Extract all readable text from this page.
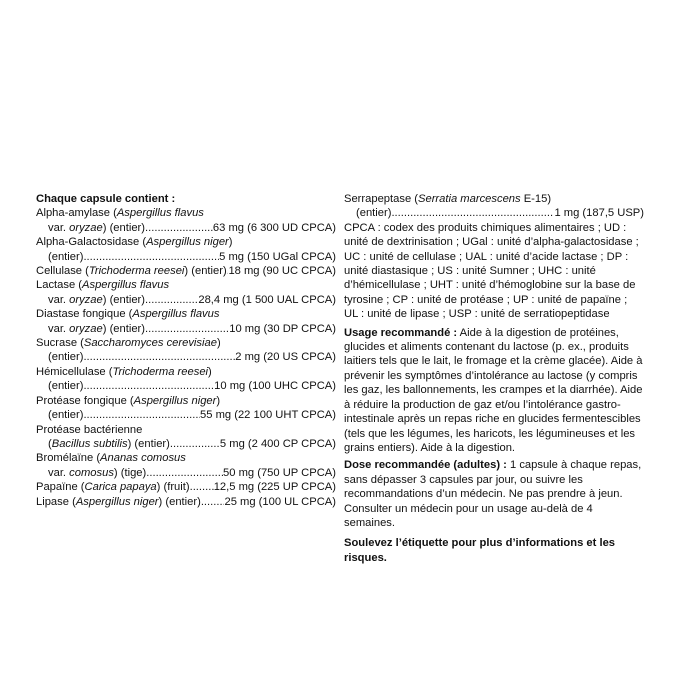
Chaque capsule contient :
Alpha-amylase (Aspergillus flavus
var. oryzae) (entier) .....	63 mg (6 300 UD CPCA)
Alpha-Galactosidase (Aspergillus niger)
(entier) .....	5 mg (150 UGal CPCA)
Cellulase (Trichoderma reesei) (entier) ..... 18 mg (90 UC CPCA)
Lactase (Aspergillus flavus
var. oryzae) (entier) .....	28,4 mg (1 500 UAL CPCA)
Diastase fongique (Aspergillus flavus
var. oryzae) (entier) .....	10 mg (30 DP CPCA)
Sucrase (Saccharomyces cerevisiae)
(entier) .....	2 mg (20 US CPCA)
Hémicellulase (Trichoderma reesei)
(entier) .....	10 mg (100 UHC CPCA)
Protéase fongique (Aspergillus niger)
(entier) .....	55 mg (22 100 UHT CPCA)
Protéase bactérienne
(Bacillus subtilis) (entier) .....	5 mg (2 400 CP CPCA)
Bromélaïne (Ananas comosus
var. comosus) (tige) .....	50 mg (750 UP CPCA)
Papaïne (Carica papaya) (fruit) ..... 12,5 mg (225 UP CPCA)
Lipase (Aspergillus niger) (entier) ..... 25 mg (100 UL CPCA)
Serrapeptase (Serratia marcescens E-15)
(entier) .....	1 mg (187,5 USP)

CPCA : codex des produits chimiques alimentaires ; UD : unité de dextrinisation ; UGal : unité d’alpha-galactosidase ; UC : unité de cellulase ; UAL : unité d’acide lactase ; DP : unité diastasique ; US : unité Sumner ; UHC : unité d’hémicellulase ; UHT : unité d’hémoglobine sur la base de tyrosine ; CP : unité de protéase ; UP : unité de papaïne ; UL : unité de lipase ; USP : unité de serratiopeptidase

Usage recommandé : Aide à la digestion de protéines, glucides et aliments contenant du lactose (p. ex., produits laitiers tels que le lait, le fromage et la crème glacée). Aide à prévenir les symptômes d’intolérance au lactose (y compris les gaz, les ballonnements, les crampes et la diarrhée). Aide à réduire la production de gaz et/ou l’intolérance gastro-intestinale après un repas riche en glucides fermentescibles (tels que les légumes, les haricots, les légumineuses et les grains entiers). Aide à la digestion.

Dose recommandée (adultes) : 1 capsule à chaque repas, sans dépasser 3 capsules par jour, ou suivre les recommandations d’un médecin. Ne pas prendre à jeun. Consulter un médecin pour un usage au-delà de 4 semaines.

Soulevez l’étiquette pour plus d’informations et les risques.
